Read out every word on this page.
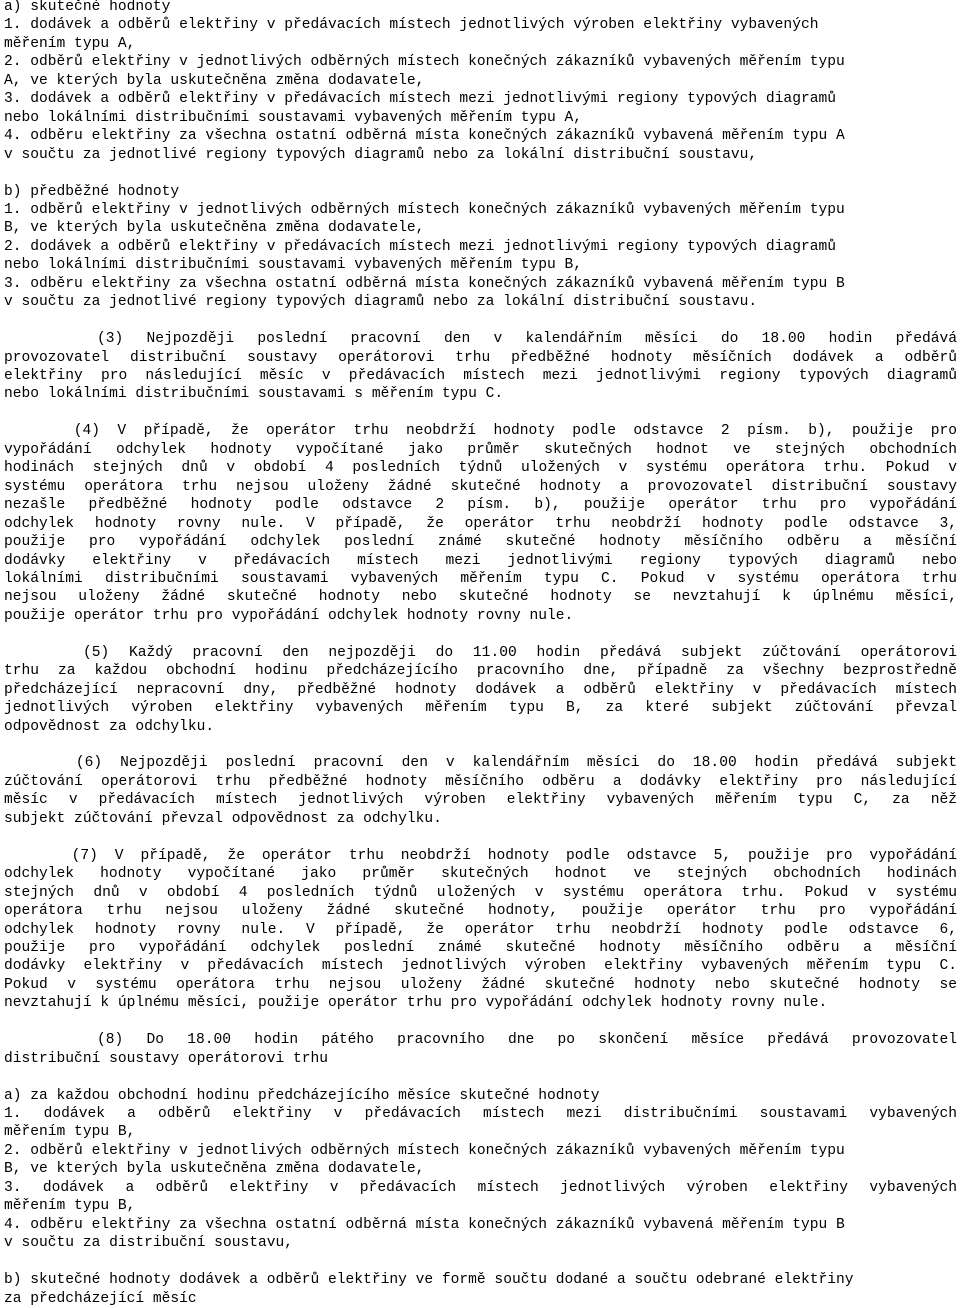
a) skutečné hodnoty
1. dodávek a odběrů elektřiny v předávacích místech jednotlivých výroben elektřiny vybavených
měřením typu A,
2. odběrů elektřiny v jednotlivých odběrných místech konečných zákazníků vybavených měřením typu
A, ve kterých byla uskutečněna změna dodavatele,
3. dodávek a odběrů elektřiny v předávacích místech mezi jednotlivými regiony typových diagramů
nebo lokálními distribučními soustavami vybavených měřením typu A,
4. odběru elektřiny za všechna ostatní odběrná místa konečných zákazníků vybavená měřením typu A
v součtu za jednotlivé regiony typových diagramů nebo za lokální distribuční soustavu,
b) předběžné hodnoty
1. odběrů elektřiny v jednotlivých odběrných místech konečných zákazníků vybavených měřením typu
B, ve kterých byla uskutečněna změna dodavatele,
2. dodávek a odběrů elektřiny v předávacích místech mezi jednotlivými regiony typových diagramů
nebo lokálními distribučními soustavami vybavených měřením typu B,
3. odběru elektřiny za všechna ostatní odběrná místa konečných zákazníků vybavená měřením typu B
v součtu za jednotlivé regiony typových diagramů nebo za lokální distribuční soustavu.
(3) Nejpozději poslední pracovní den v kalendářním měsíci do 18.00 hodin předává
provozovatel distribuční soustavy operátorovi trhu předběžné hodnoty měsíčních dodávek a odběrů
elektřiny pro následující měsíc v předávacích místech mezi jednotlivými regiony typových diagramů
nebo lokálními distribučními soustavami s měřením typu C.
(4) V případě, že operátor trhu neobdrží hodnoty podle odstavce 2 písm. b), použije pro
vypořádání odchylek hodnoty vypočítané jako průměr skutečných hodnot ve stejných obchodních
hodinách stejných dnů v období 4 posledních týdnů uložených v systému operátora trhu. Pokud v
systému operátora trhu nejsou uloženy žádné skutečné hodnoty a provozovatel distribuční soustavy
nezašle předběžné hodnoty podle odstavce 2 písm. b), použije operátor trhu pro vypořádání
odchylek hodnoty rovny nule. V případě, že operátor trhu neobdrží hodnoty podle odstavce 3,
použije pro vypořádání odchylek poslední známé skutečné hodnoty měsíčního odběru a měsíční
dodávky elektřiny v předávacích místech mezi jednotlivými regiony typových diagramů nebo
lokálními distribučními soustavami vybavených měřením typu C. Pokud v systému operátora trhu
nejsou uloženy žádné skutečné hodnoty nebo skutečné hodnoty se nevztahují k úplnému měsíci,
použije operátor trhu pro vypořádání odchylek hodnoty rovny nule.
(5) Každý pracovní den nejpozději do 11.00 hodin předává subjekt zúčtování operátorovi
trhu za každou obchodní hodinu předcházejícího pracovního dne, případně za všechny bezprostředně
předcházející nepracovní dny, předběžné hodnoty dodávek a odběrů elektřiny v předávacích místech
jednotlivých výroben elektřiny vybavených měřením typu B, za které subjekt zúčtování převzal
odpovědnost za odchylku.
(6) Nejpozději poslední pracovní den v kalendářním měsíci do 18.00 hodin předává subjekt
zúčtování operátorovi trhu předběžné hodnoty měsíčního odběru a dodávky elektřiny pro následující
měsíc v předávacích místech jednotlivých výroben elektřiny vybavených měřením typu C, za něž
subjekt zúčtování převzal odpovědnost za odchylku.
(7) V případě, že operátor trhu neobdrží hodnoty podle odstavce 5, použije pro vypořádání
odchylek hodnoty vypočítané jako průměr skutečných hodnot ve stejných obchodních hodinách
stejných dnů v období 4 posledních týdnů uložených v systému operátora trhu. Pokud v systému
operátora trhu nejsou uloženy žádné skutečné hodnoty, použije operátor trhu pro vypořádání
odchylek hodnoty rovny nule. V případě, že operátor trhu neobdrží hodnoty podle odstavce 6,
použije pro vypořádání odchylek poslední známé skutečné hodnoty měsíčního odběru a měsíční
dodávky elektřiny v předávacích místech jednotlivých výroben elektřiny vybavených měřením typu C.
Pokud v systému operátora trhu nejsou uloženy žádné skutečné hodnoty nebo skutečné hodnoty se
nevztahují k úplnému měsíci, použije operátor trhu pro vypořádání odchylek hodnoty rovny nule.
(8) Do 18.00 hodin pátého pracovního dne po skončení měsíce předává provozovatel
distribuční soustavy operátorovi trhu
a) za každou obchodní hodinu předcházejícího měsíce skutečné hodnoty
1. dodávek a odběrů elektřiny v předávacích místech mezi distribučními soustavami vybavených
měřením typu B,
2. odběrů elektřiny v jednotlivých odběrných místech konečných zákazníků vybavených měřením typu
B, ve kterých byla uskutečněna změna dodavatele,
3. dodávek a odběrů elektřiny v předávacích místech jednotlivých výroben elektřiny vybavených
měřením typu B,
4. odběru elektřiny za všechna ostatní odběrná místa konečných zákazníků vybavená měřením typu B
v součtu za distribuční soustavu,
b) skutečné hodnoty dodávek a odběrů elektřiny ve formě součtu dodané a součtu odebrané elektřiny
za předcházející měsíc
